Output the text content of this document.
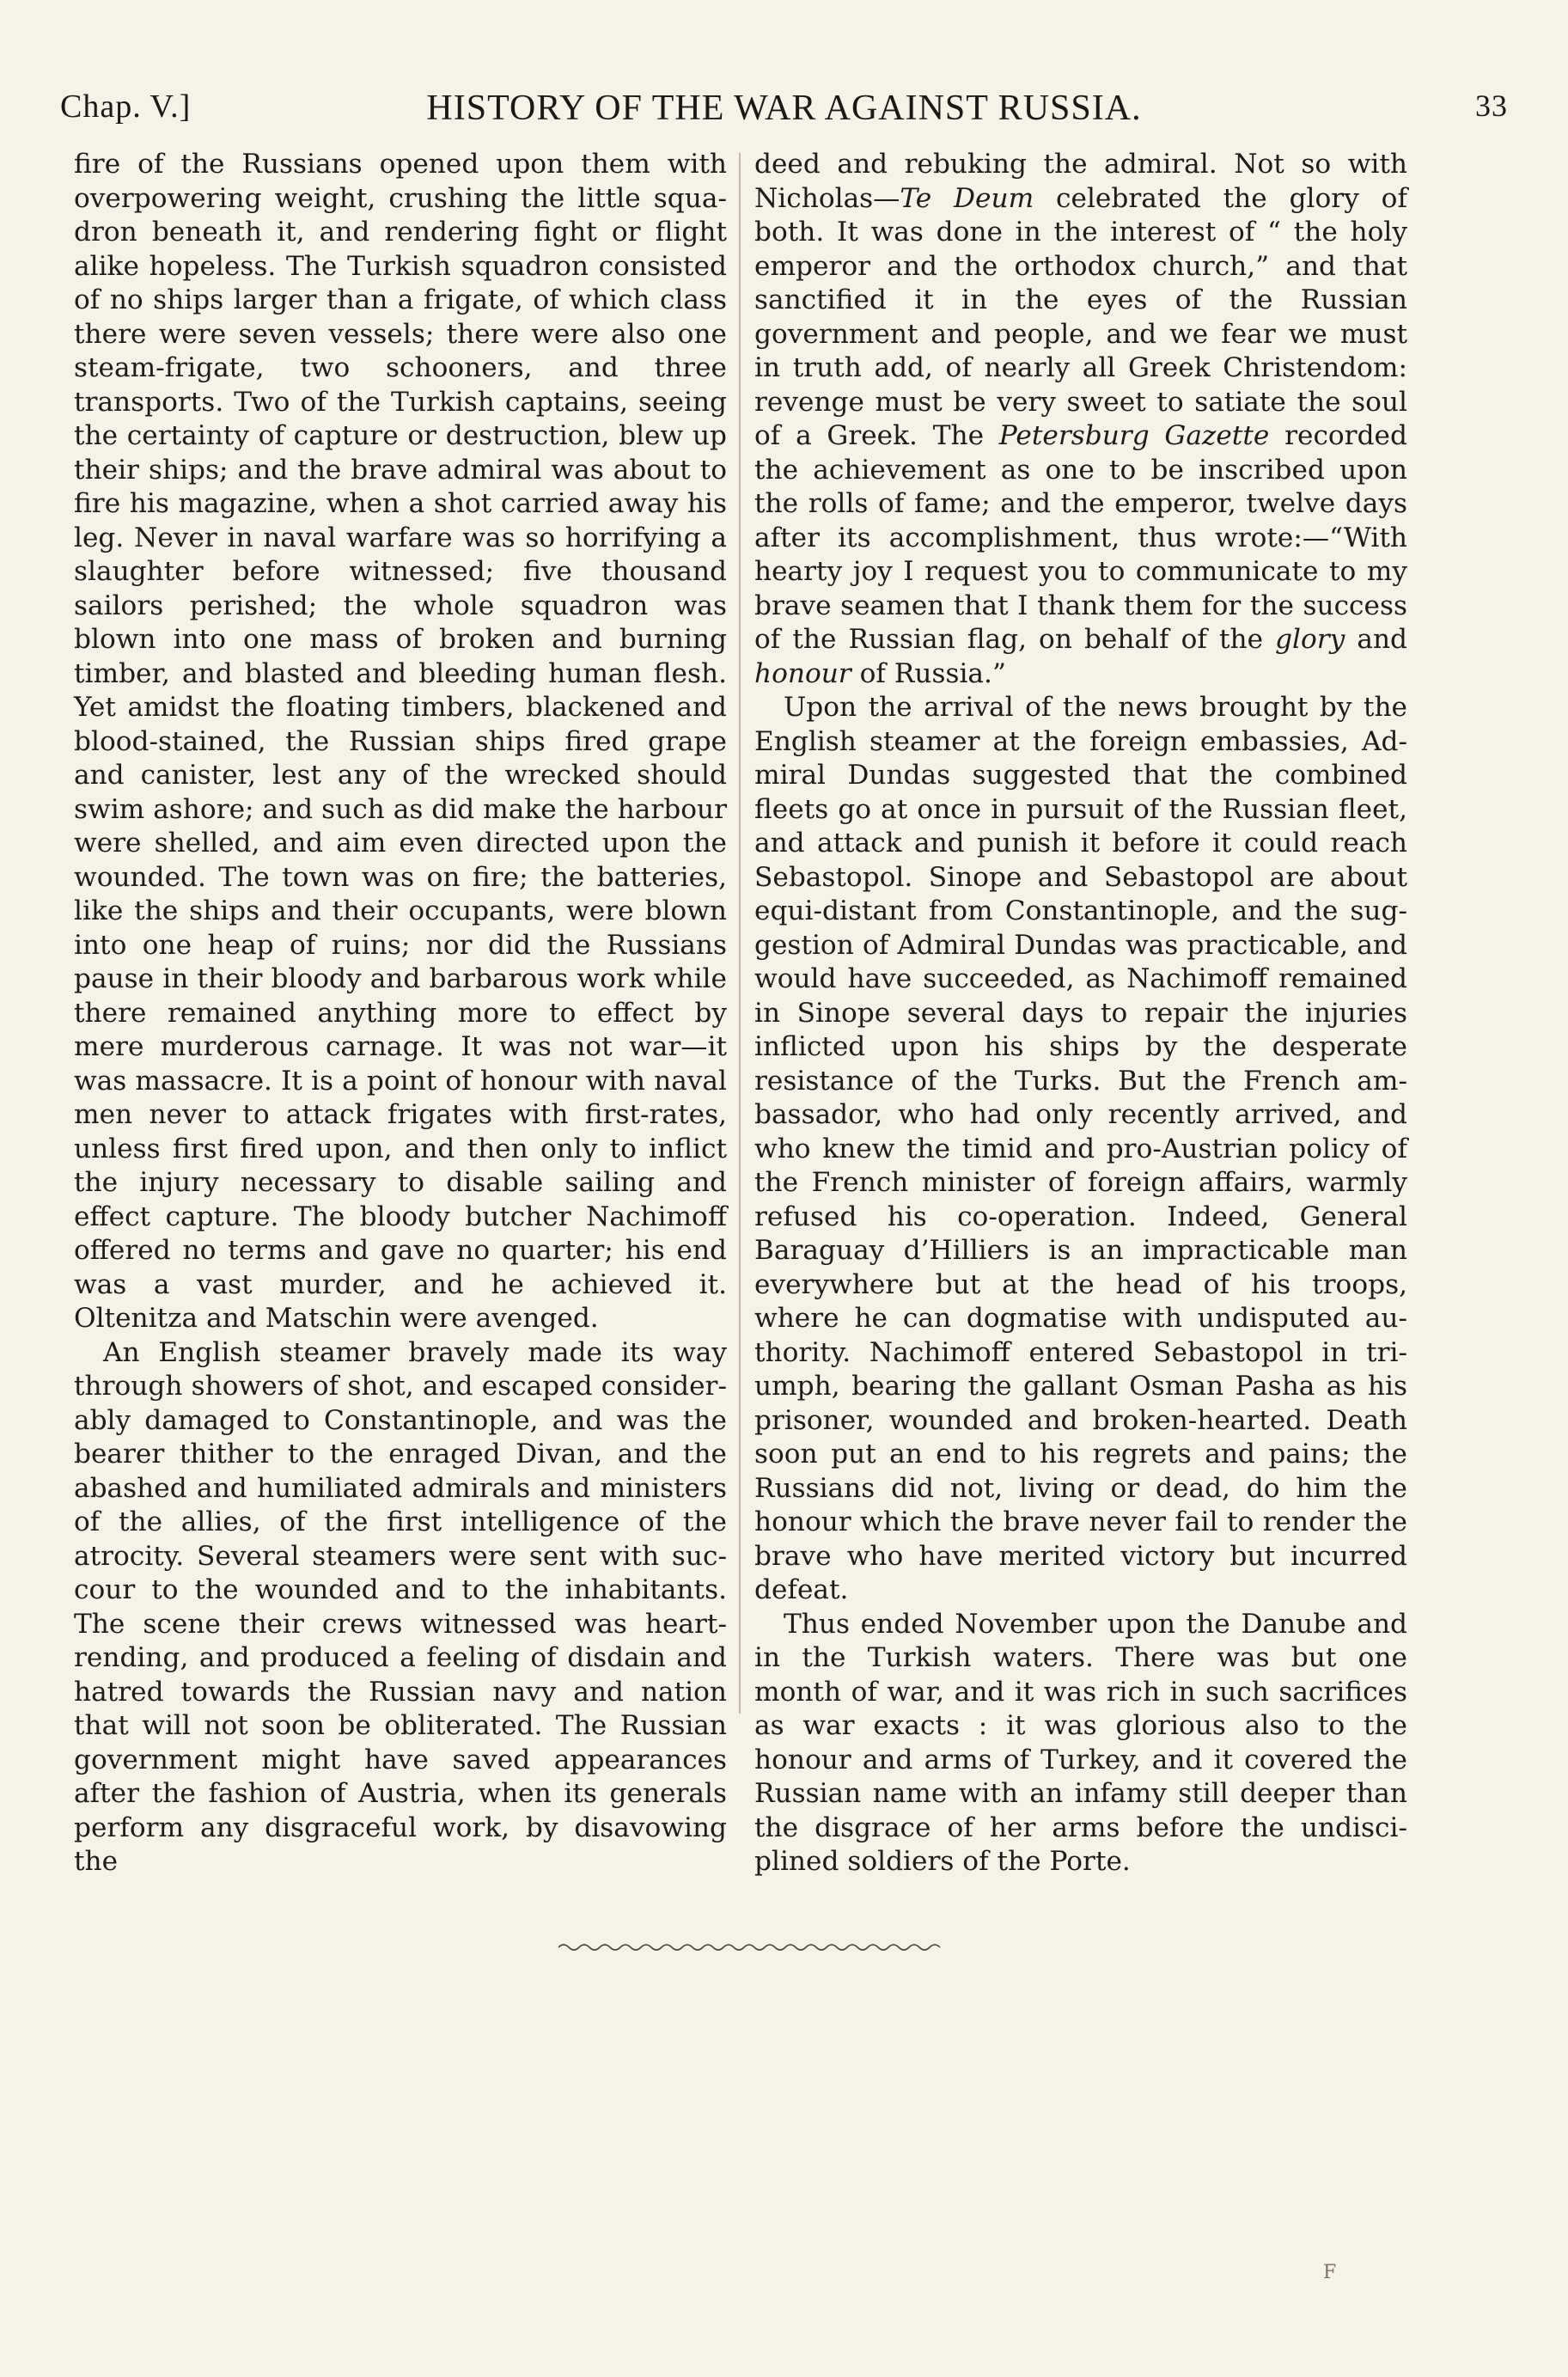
Chap. V.]	HISTORY OF THE WAR AGAINST RUSSIA.	33

fire of the Russians opened upon them with overpowering weight, crushing the little squadron beneath it, and rendering fight or flight alike hopeless. The Turkish squadron consisted of no ships larger than a frigate, of which class there were seven vessels; there were also one steam-frigate, two schooners, and three transports. Two of the Turkish captains, seeing the certainty of capture or destruction, blew up their ships; and the brave admiral was about to fire his magazine, when a shot carried away his leg. Never in naval warfare was so horrifying a slaughter before witnessed; five thousand sailors perished; the whole squadron was blown into one mass of broken and burning timber, and blasted and bleeding human flesh. Yet amidst the floating timbers, blackened and blood-stained, the Russian ships fired grape and canister, lest any of the wrecked should swim ashore; and such as did make the harbour were shelled, and aim even directed upon the wounded. The town was on fire; the batteries, like the ships and their occupants, were blown into one heap of ruins; nor did the Russians pause in their bloody and barbarous work while there remained anything more to effect by mere murderous carnage. It was not war—it was massacre. It is a point of honour with naval men never to attack frigates with first-rates, unless first fired upon, and then only to inflict the injury necessary to disable sailing and effect capture. The bloody butcher Nachimoff offered no terms and gave no quarter; his end was a vast murder, and he achieved it. Oltenitza and Matschin were avenged.

An English steamer bravely made its way through showers of shot, and escaped considerably damaged to Constantinople, and was the bearer thither to the enraged Divan, and the abashed and humiliated admirals and ministers of the allies, of the first intelligence of the atrocity. Several steamers were sent with succour to the wounded and to the inhabitants. The scene their crews witnessed was heart-rending, and produced a feeling of disdain and hatred towards the Russian navy and nation that will not soon be obliterated. The Russian government might have saved appearances after the fashion of Austria, when its generals perform any disgraceful work, by disavowing the

deed and rebuking the admiral. Not so with Nicholas—Te Deum celebrated the glory of both. It was done in the interest of “ the holy emperor and the orthodox church,” and that sanctified it in the eyes of the Russian government and people, and we fear we must in truth add, of nearly all Greek Christendom: revenge must be very sweet to satiate the soul of a Greek. The Petersburg Gazette recorded the achievement as one to be inscribed upon the rolls of fame; and the emperor, twelve days after its accomplishment, thus wrote:—“With hearty joy I request you to communicate to my brave seamen that I thank them for the success of the Russian flag, on behalf of the glory and honour of Russia.”

Upon the arrival of the news brought by the English steamer at the foreign embassies, Admiral Dundas suggested that the combined fleets go at once in pursuit of the Russian fleet, and attack and punish it before it could reach Sebastopol. Sinope and Sebastopol are about equi-distant from Constantinople, and the suggestion of Admiral Dundas was practicable, and would have succeeded, as Nachimoff remained in Sinope several days to repair the injuries inflicted upon his ships by the desperate resistance of the Turks. But the French ambassador, who had only recently arrived, and who knew the timid and pro-Austrian policy of the French minister of foreign affairs, warmly refused his co-operation. Indeed, General Baraguay d’Hilliers is an impracticable man everywhere but at the head of his troops, where he can dogmatise with undisputed authority. Nachimoff entered Sebastopol in triumph, bearing the gallant Osman Pasha as his prisoner, wounded and broken-hearted. Death soon put an end to his regrets and pains; the Russians did not, living or dead, do him the honour which the brave never fail to render the brave who have merited victory but incurred defeat.

Thus ended November upon the Danube and in the Turkish waters. There was but one month of war, and it was rich in such sacrifices as war exacts : it was glorious also to the honour and arms of Turkey, and it covered the Russian name with an infamy still deeper than the disgrace of her arms before the undisciplined soldiers of the Porte.

F
